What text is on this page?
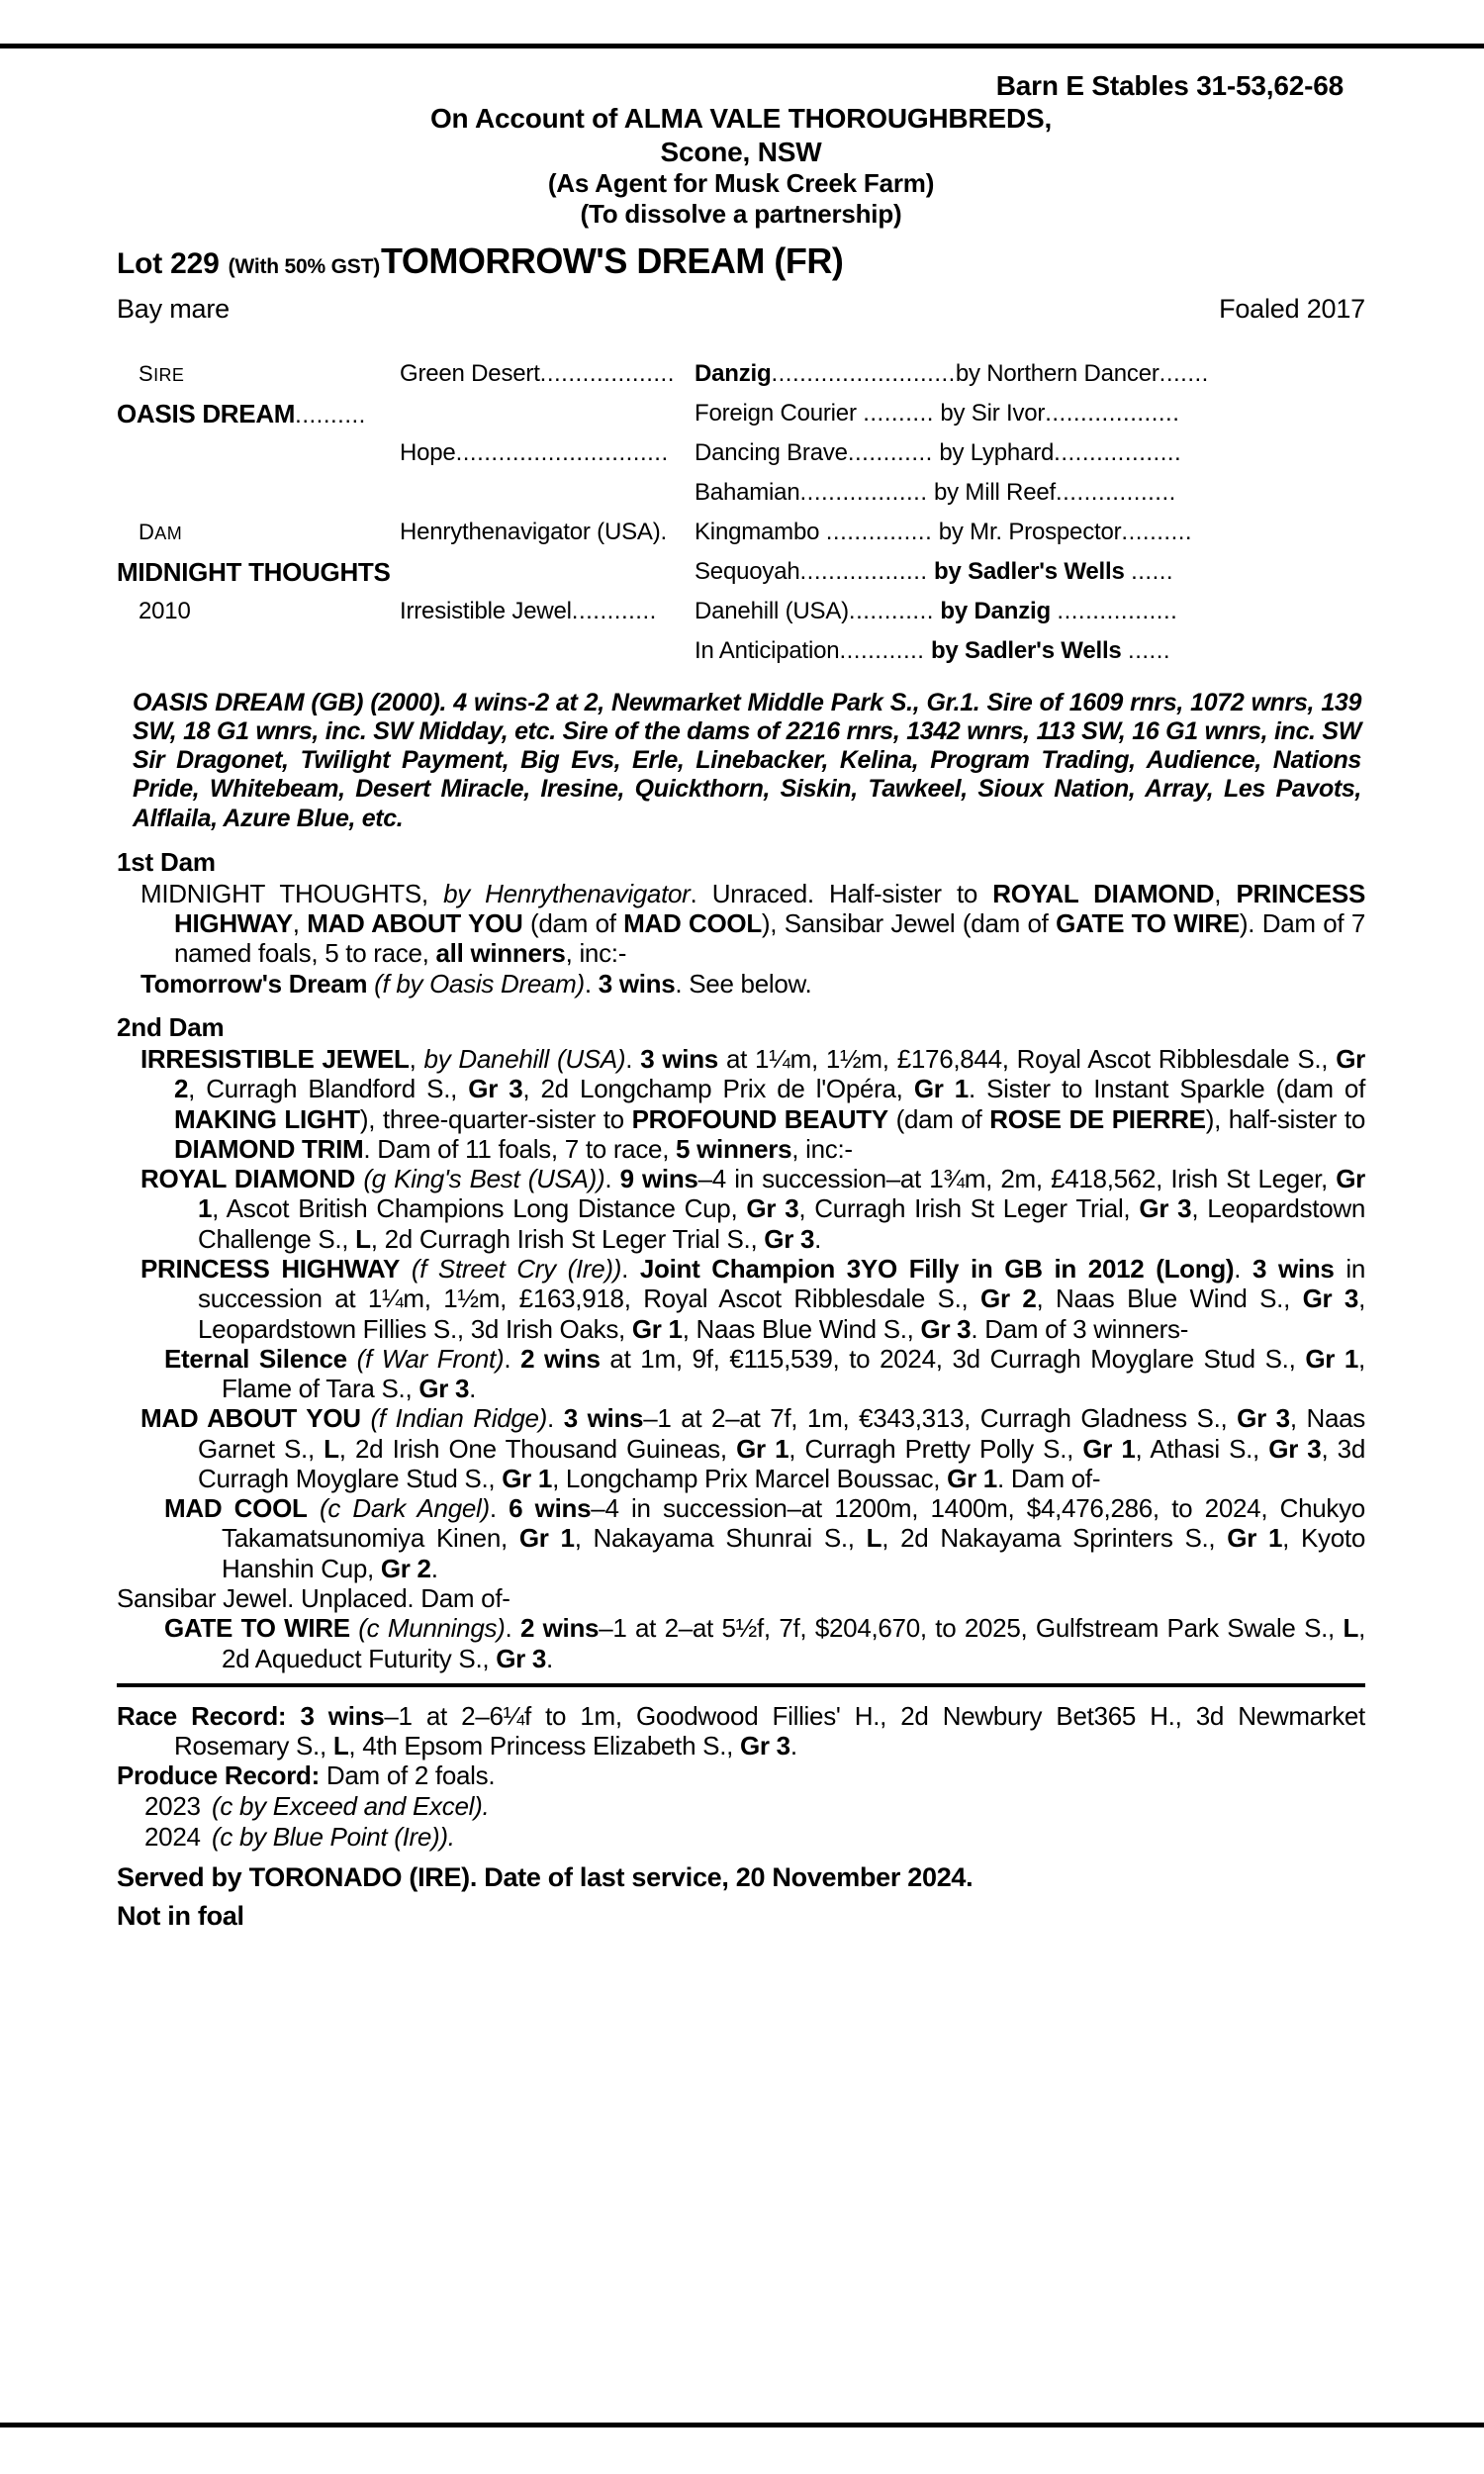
Barn E Stables 31-53,62-68
On Account of ALMA VALE THOROUGHBREDS,
Scone, NSW
(As Agent for Musk Creek Farm)
(To dissolve a partnership)
Lot 229 (With 50% GST) TOMORROW'S DREAM (FR)
Bay mare	Foaled 2017
SIRE
OASIS DREAM..........

DAM
MIDNIGHT THOUGHTS
2010

Green Desert...................

Hope..............................

Henrythenavigator (USA).

Irresistible Jewel............

Danzig..........................by Northern Dancer.......
Foreign Courier .......... by Sir Ivor...................
Dancing Brave............ by Lyphard..................
Bahamian.................. by Mill Reef.................
Kingmambo ............... by Mr. Prospector..........
Sequoyah.................. by Sadler's Wells ......
Danehill (USA)............ by Danzig .................
In Anticipation............ by Sadler's Wells ......
OASIS DREAM (GB) (2000). 4 wins-2 at 2, Newmarket Middle Park S., Gr.1. Sire of 1609 rnrs, 1072 wnrs, 139 SW, 18 G1 wnrs, inc. SW Midday, etc. Sire of the dams of 2216 rnrs, 1342 wnrs, 113 SW, 16 G1 wnrs, inc. SW Sir Dragonet, Twilight Payment, Big Evs, Erle, Linebacker, Kelina, Program Trading, Audience, Nations Pride, Whitebeam, Desert Miracle, Iresine, Quickthorn, Siskin, Tawkeel, Sioux Nation, Array, Les Pavots, Alflaila, Azure Blue, etc.
1st Dam
MIDNIGHT THOUGHTS, by Henrythenavigator. Unraced. Half-sister to ROYAL DIAMOND, PRINCESS HIGHWAY, MAD ABOUT YOU (dam of MAD COOL), Sansibar Jewel (dam of GATE TO WIRE). Dam of 7 named foals, 5 to race, all winners, inc:-
Tomorrow's Dream (f by Oasis Dream). 3 wins. See below.
2nd Dam
IRRESISTIBLE JEWEL, by Danehill (USA). 3 wins at 1¼m, 1½m, £176,844, Royal Ascot Ribblesdale S., Gr 2, Curragh Blandford S., Gr 3, 2d Longchamp Prix de l'Opéra, Gr 1. Sister to Instant Sparkle (dam of MAKING LIGHT), three-quarter-sister to PROFOUND BEAUTY (dam of ROSE DE PIERRE), half-sister to DIAMOND TRIM. Dam of 11 foals, 7 to race, 5 winners, inc:-
ROYAL DIAMOND (g King's Best (USA)). 9 wins–4 in succession–at 1¾m, 2m, £418,562, Irish St Leger, Gr 1, Ascot British Champions Long Distance Cup, Gr 3, Curragh Irish St Leger Trial, Gr 3, Leopardstown Challenge S., L, 2d Curragh Irish St Leger Trial S., Gr 3.
PRINCESS HIGHWAY (f Street Cry (Ire)). Joint Champion 3YO Filly in GB in 2012 (Long). 3 wins in succession at 1¼m, 1½m, £163,918, Royal Ascot Ribblesdale S., Gr 2, Naas Blue Wind S., Gr 3, Leopardstown Fillies S., 3d Irish Oaks, Gr 1, Naas Blue Wind S., Gr 3. Dam of 3 winners-
Eternal Silence (f War Front). 2 wins at 1m, 9f, €115,539, to 2024, 3d Curragh Moyglare Stud S., Gr 1, Flame of Tara S., Gr 3.
MAD ABOUT YOU (f Indian Ridge). 3 wins–1 at 2–at 7f, 1m, €343,313, Curragh Gladness S., Gr 3, Naas Garnet S., L, 2d Irish One Thousand Guineas, Gr 1, Curragh Pretty Polly S., Gr 1, Athasi S., Gr 3, 3d Curragh Moyglare Stud S., Gr 1, Longchamp Prix Marcel Boussac, Gr 1. Dam of-
MAD COOL (c Dark Angel). 6 wins–4 in succession–at 1200m, 1400m, $4,476,286, to 2024, Chukyo Takamatsunomiya Kinen, Gr 1, Nakayama Shunrai S., L, 2d Nakayama Sprinters S., Gr 1, Kyoto Hanshin Cup, Gr 2.
Sansibar Jewel. Unplaced. Dam of-
GATE TO WIRE (c Munnings). 2 wins–1 at 2–at 5½f, 7f, $204,670, to 2025, Gulfstream Park Swale S., L, 2d Aqueduct Futurity S., Gr 3.
Race Record: 3 wins–1 at 2–6¼f to 1m, Goodwood Fillies' H., 2d Newbury Bet365 H., 3d Newmarket Rosemary S., L, 4th Epsom Princess Elizabeth S., Gr 3.
Produce Record: Dam of 2 foals.
2023 (c by Exceed and Excel).
2024 (c by Blue Point (Ire)).
Served by TORONADO (IRE). Date of last service, 20 November 2024.
Not in foal
